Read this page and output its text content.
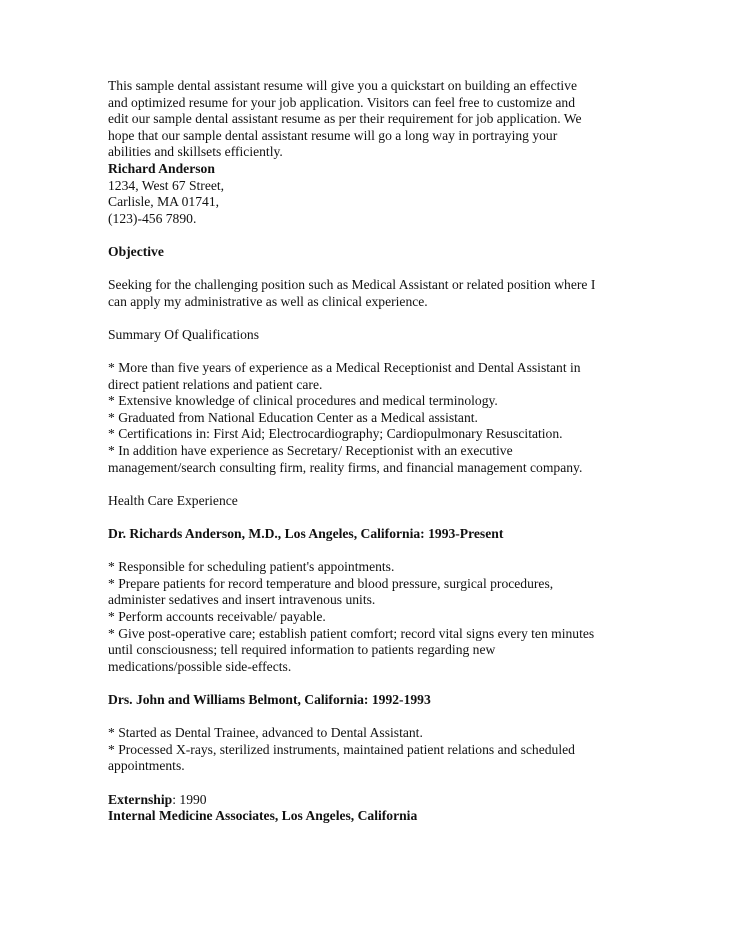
This sample dental assistant resume will give you a quickstart on building an effective
and optimized resume for your job application. Visitors can feel free to customize and
edit our sample dental assistant resume as per their requirement for job application. We
hope that our sample dental assistant resume will go a long way in portraying your
abilities and skillsets efficiently.
Richard Anderson
1234, West 67 Street,
Carlisle, MA 01741,
(123)-456 7890.
Objective
Seeking for the challenging position such as Medical Assistant or related position where I
can apply my administrative as well as clinical experience.
Summary Of Qualifications
* More than five years of experience as a Medical Receptionist and Dental Assistant in
direct patient relations and patient care.
* Extensive knowledge of clinical procedures and medical terminology.
* Graduated from National Education Center as a Medical assistant.
* Certifications in: First Aid; Electrocardiography; Cardiopulmonary Resuscitation.
* In addition have experience as Secretary/ Receptionist with an executive
management/search consulting firm, reality firms, and financial management company.
Health Care Experience
Dr. Richards Anderson, M.D., Los Angeles, California: 1993-Present
* Responsible for scheduling patient's appointments.
* Prepare patients for record temperature and blood pressure, surgical procedures,
administer sedatives and insert intravenous units.
* Perform accounts receivable/ payable.
* Give post-operative care; establish patient comfort; record vital signs every ten minutes
until consciousness; tell required information to patients regarding new
medications/possible side-effects.
Drs. John and Williams Belmont, California: 1992-1993
* Started as Dental Trainee, advanced to Dental Assistant.
* Processed X-rays, sterilized instruments, maintained patient relations and scheduled
appointments.
Externship: 1990
Internal Medicine Associates, Los Angeles, California
